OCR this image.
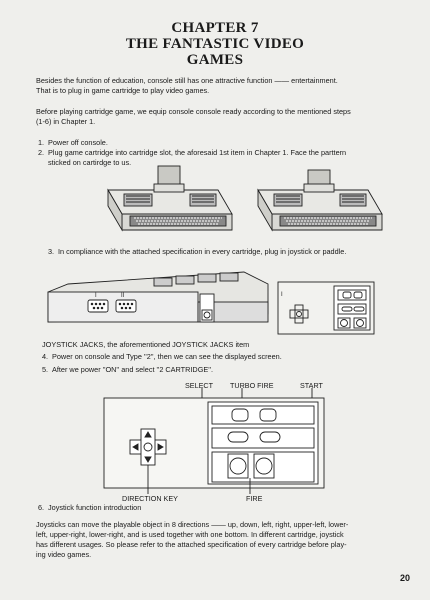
CHAPTER 7
THE FANTASTIC VIDEO
GAMES
Besides the function of education, console still has one attractive function —— entertainment.
That is to plug in game cartridge to play video games.
Before playing cartridge game, we equip console console ready according to the mentioned steps
(1-6) in Chapter 1.
1. Power off console.
2. Plug game cartridge into cartridge slot, the aforesaid 1st item in Chapter 1. Face the parttern
sticked on cartirdge to us.
3. In compliance with the attached specification in every cartridge, plug in joystick or paddle.
I	II	I
JOYSTICK JACKS, the aforementioned JOYSTICK JACKS item
4. Power on console and Type ''2'', then we can see the displayed screen.
5. After we power ''ON'' and select ''2 CARTRIDGE''.
SELECT TURBO FIRE	START
DIRECTION KEY	FIRE
6. Joystick function introduction
Joysticks can move the playable object in 8 directions —— up, down, left, right, upper-left, lower-
left, upper-right, lower-right, and is used together with one bottom. In different cartridge, joystick
has different usages. So please refer to the attached specification of every cartridge before play-
ing video games.
20
